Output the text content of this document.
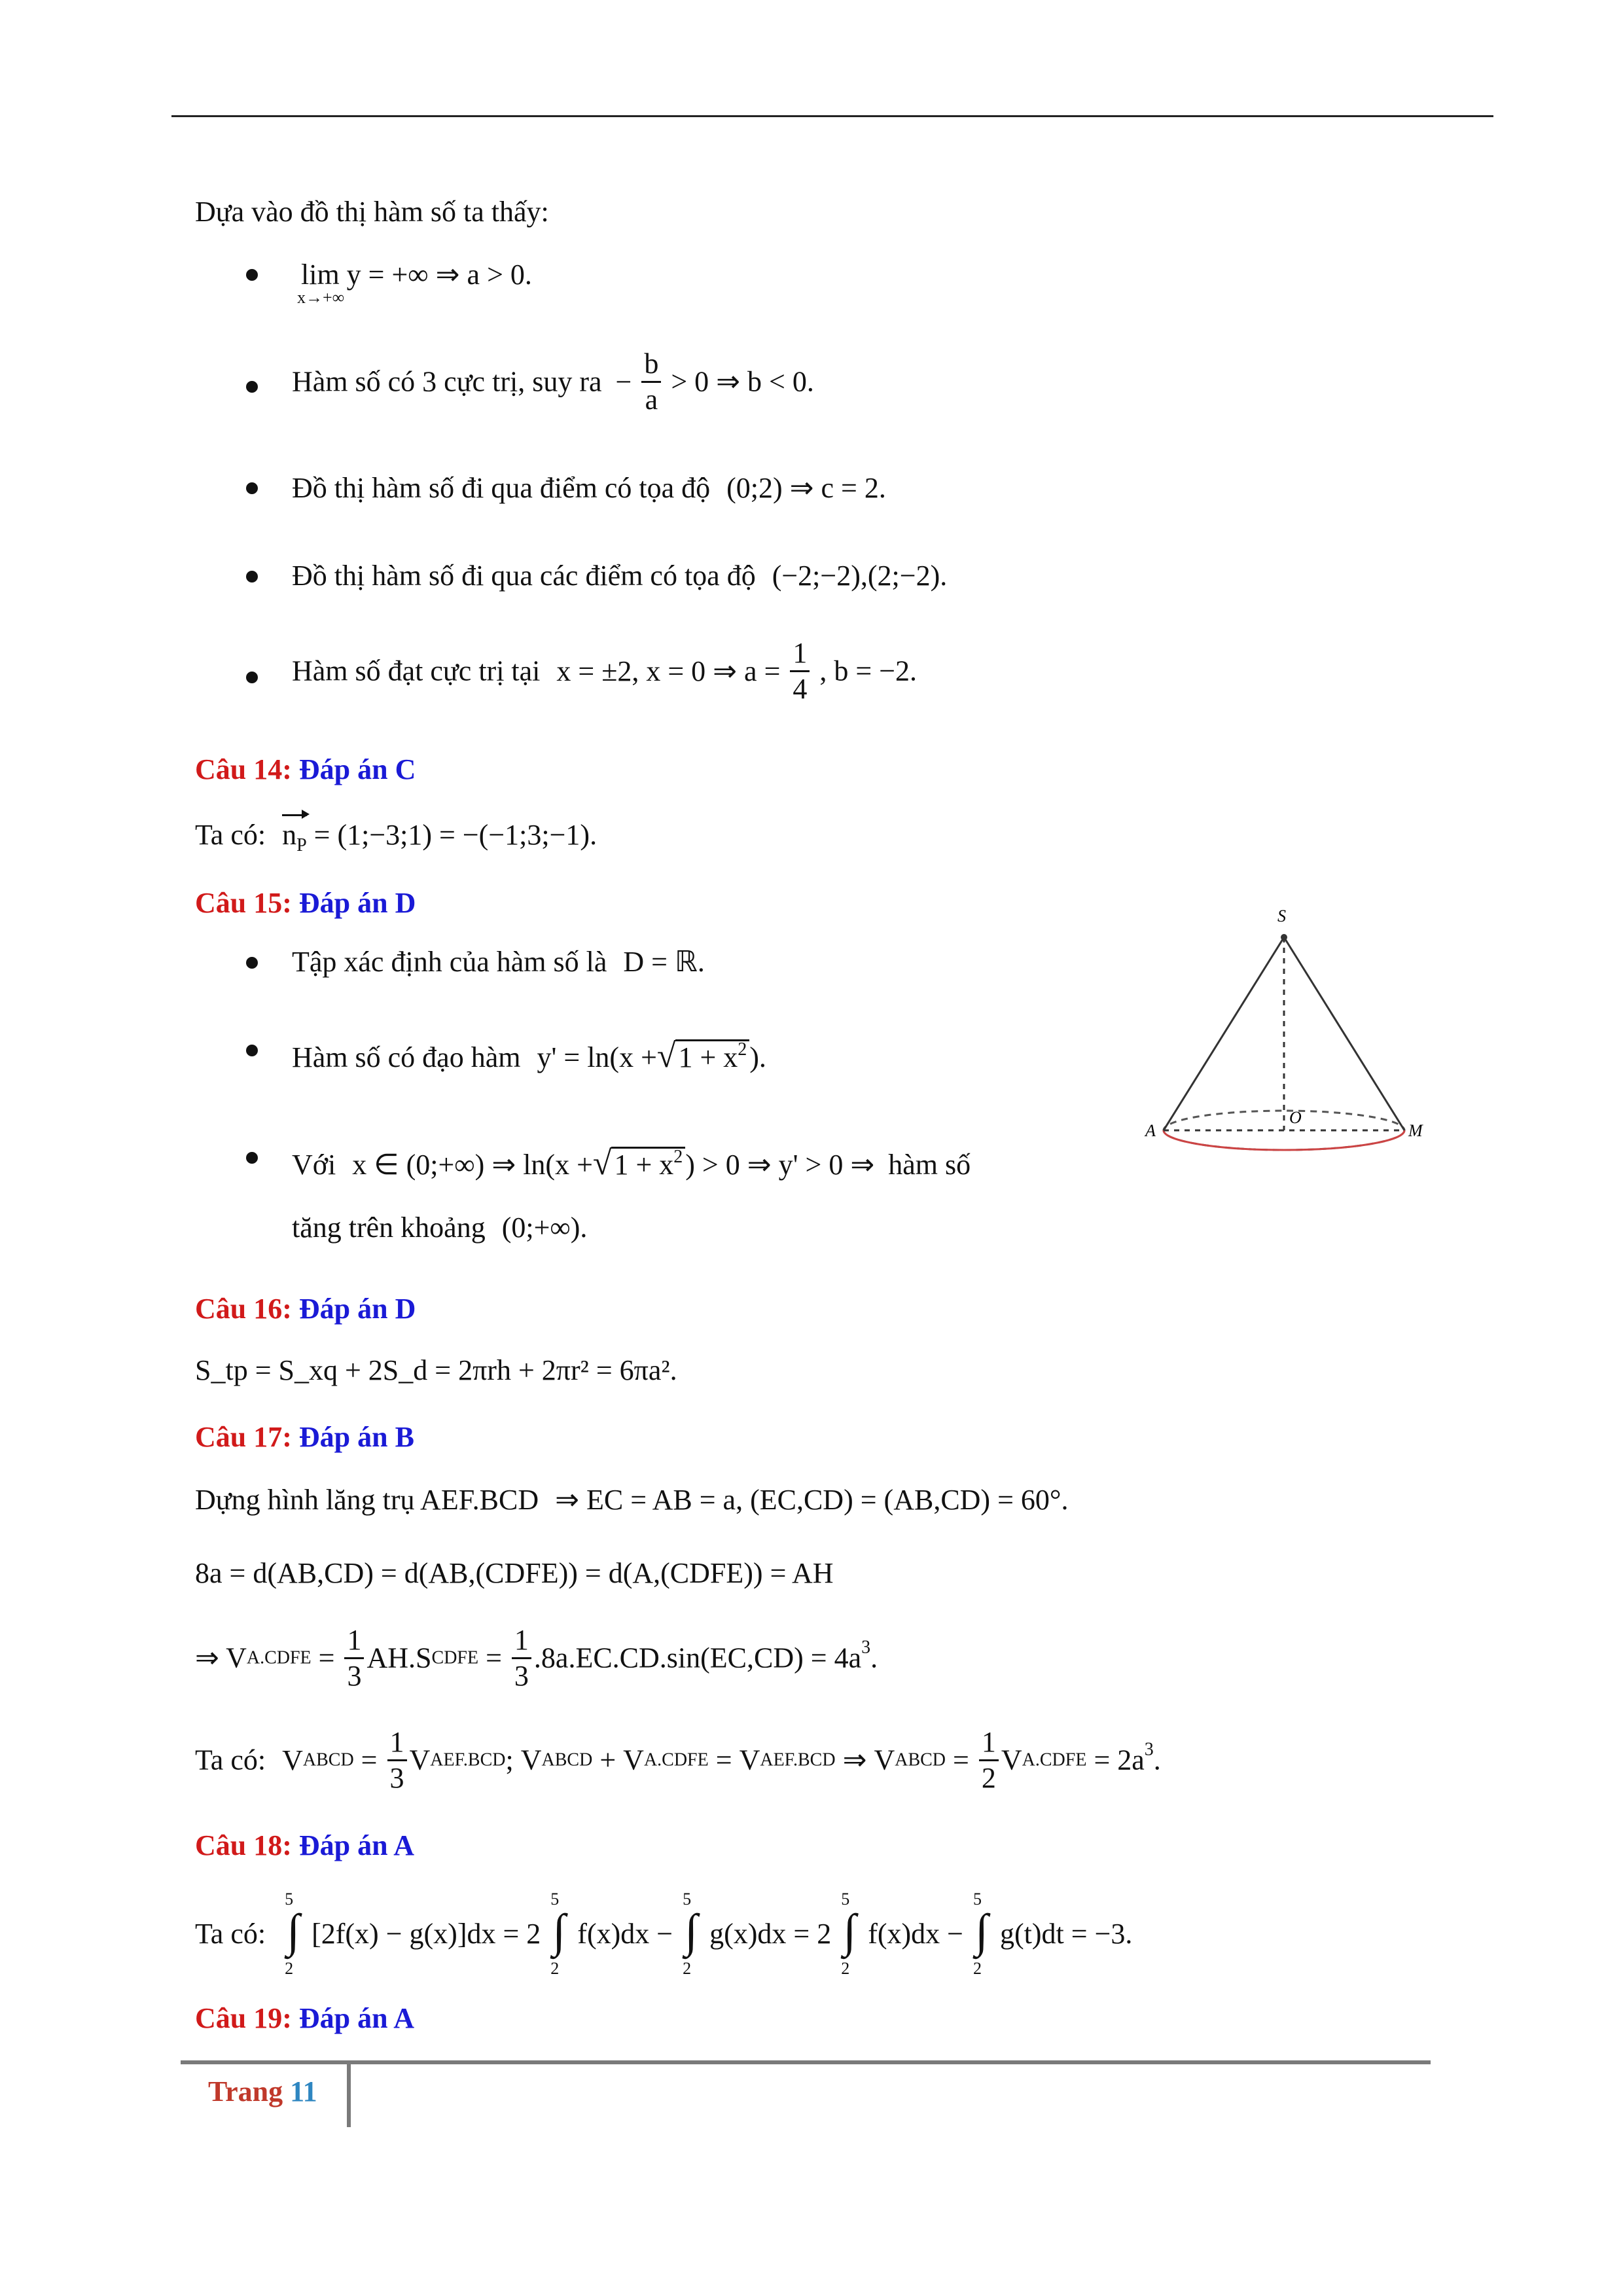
Dựa vào đồ thị hàm số ta thấy:
lim y = +∞ ⇒ a > 0.
x→+∞
Hàm số có 3 cực trị, suy ra − $\frac{b}{a} > 0$ ⇒ b < 0.
Đồ thị hàm số đi qua điểm có tọa độ (0;2) ⇒ c = 2.
Đồ thị hàm số đi qua các điểm có tọa độ (−2;−2),(2;−2).
Hàm số đạt cực trị tại x = ±2, x = 0 ⇒ $a = \frac{1}{4}$ , b = −2.
Câu 14: Đáp án C
Ta có: $n_P$ = (1;−3;1) = −(−1;3;−1).
Câu 15: Đáp án D
Tập xác định của hàm số là D = ℝ.
Hàm số có đạo hàm $y' = \ln(x +√1 + x^2)$.
Với x ∈ (0;+∞) ⇒ $\ln(x +√1 + x^2) > 0$ ⇒ y' > 0 ⇒ hàm số
tăng trên khoảng (0;+∞).
S
O
A	M
Câu 16: Đáp án D
S_tp = S_xq + 2S_d = 2πrh + 2πr² = 6πa².
Câu 17: Đáp án B
Dựng hình lăng trụ AEF.BCD ⇒ EC = AB = a, (EC,CD) = (AB,CD) = 60°.
8a = d(AB,CD) = d(AB,(CDFE)) = d(A,(CDFE)) = AH
⇒ VA.CDFE = $\frac{1}{3}$ AH.SCDFE = $\frac{1}{3} .8a.EC.CD.\sin(EC,CD) = 4a^3$.
Ta có: VABCD = $\frac{1}{3}$ VAEF.BCD; VABCD + VA.CDFE = VAEF.BCD ⇒ VABCD = $\frac{1}{2}$ VA.CDFE = $2a^3$.
Câu 18: Đáp án A
Ta có:
5
∫
2
[2f(x) − g(x)]dx = 2
5
∫
2
f(x)dx −
5
∫
2
g(x)dx = 2
5
∫
2
f(x)dx −
5
∫
2
g(t)dt = −3.
Câu 19: Đáp án A
Trang 11
